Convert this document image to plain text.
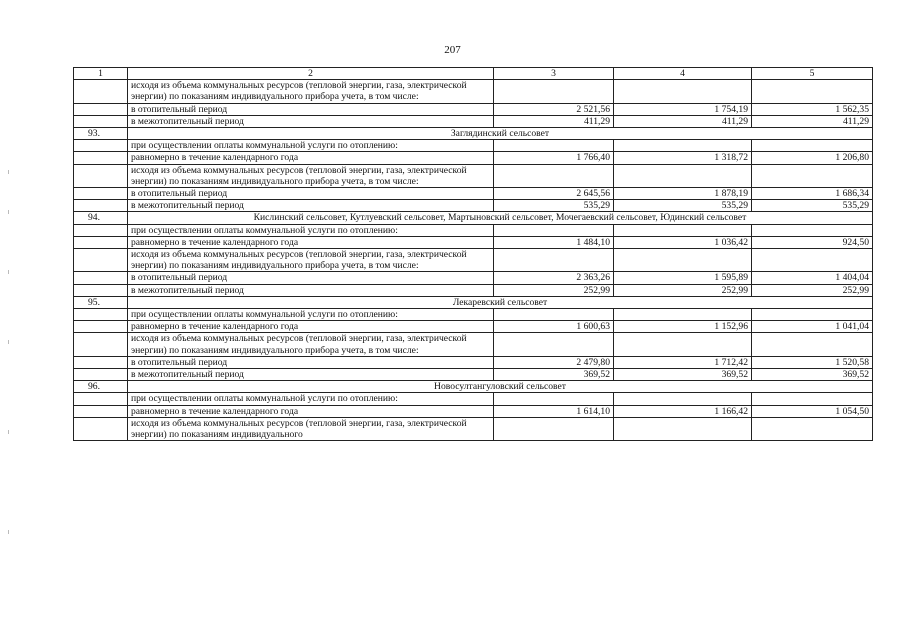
207
1	2	3	4	5
	исходя из объема коммунальных ресурсов (тепловой энергии, газа, электрической энергии) по показаниям индивидуального прибора учета, в том числе:			
	в отопительный период	2 521,56	1 754,19	1 562,35
	в межотопительный период	411,29	411,29	411,29
93.	Заглядинский сельсовет			
	при осуществлении оплаты коммунальной услуги по отоплению:			
	равномерно в течение календарного года	1 766,40	1 318,72	1 206,80
	исходя из объема коммунальных ресурсов (тепловой энергии, газа, электрической энергии) по показаниям индивидуального прибора учета, в том числе:			
	в отопительный период	2 645,56	1 878,19	1 686,34
	в межотопительный период	535,29	535,29	535,29
94.	Кислинский сельсовет, Кутлуевский сельсовет, Мартыновский сельсовет, Мочегаевский сельсовет, Юдинский сельсовет			
	при осуществлении оплаты коммунальной услуги по отоплению:			
	равномерно в течение календарного года	1 484,10	1 036,42	924,50
	исходя из объема коммунальных ресурсов (тепловой энергии, газа, электрической энергии) по показаниям индивидуального прибора учета, в том числе:			
	в отопительный период	2 363,26	1 595,89	1 404,04
	в межотопительный период	252,99	252,99	252,99
95.	Лекаревский сельсовет			
	при осуществлении оплаты коммунальной услуги по отоплению:			
	равномерно в течение календарного года	1 600,63	1 152,96	1 041,04
	исходя из объема коммунальных ресурсов (тепловой энергии, газа, электрической энергии) по показаниям индивидуального прибора учета, в том числе:			
	в отопительный период	2 479,80	1 712,42	1 520,58
	в межотопительный период	369,52	369,52	369,52
96.	Новосултангуловский сельсовет			
	при осуществлении оплаты коммунальной услуги по отоплению:			
	равномерно в течение календарного года	1 614,10	1 166,42	1 054,50
	исходя из объема коммунальных ресурсов (тепловой энергии, газа, электрической энергии) по показаниям индивидуального			
